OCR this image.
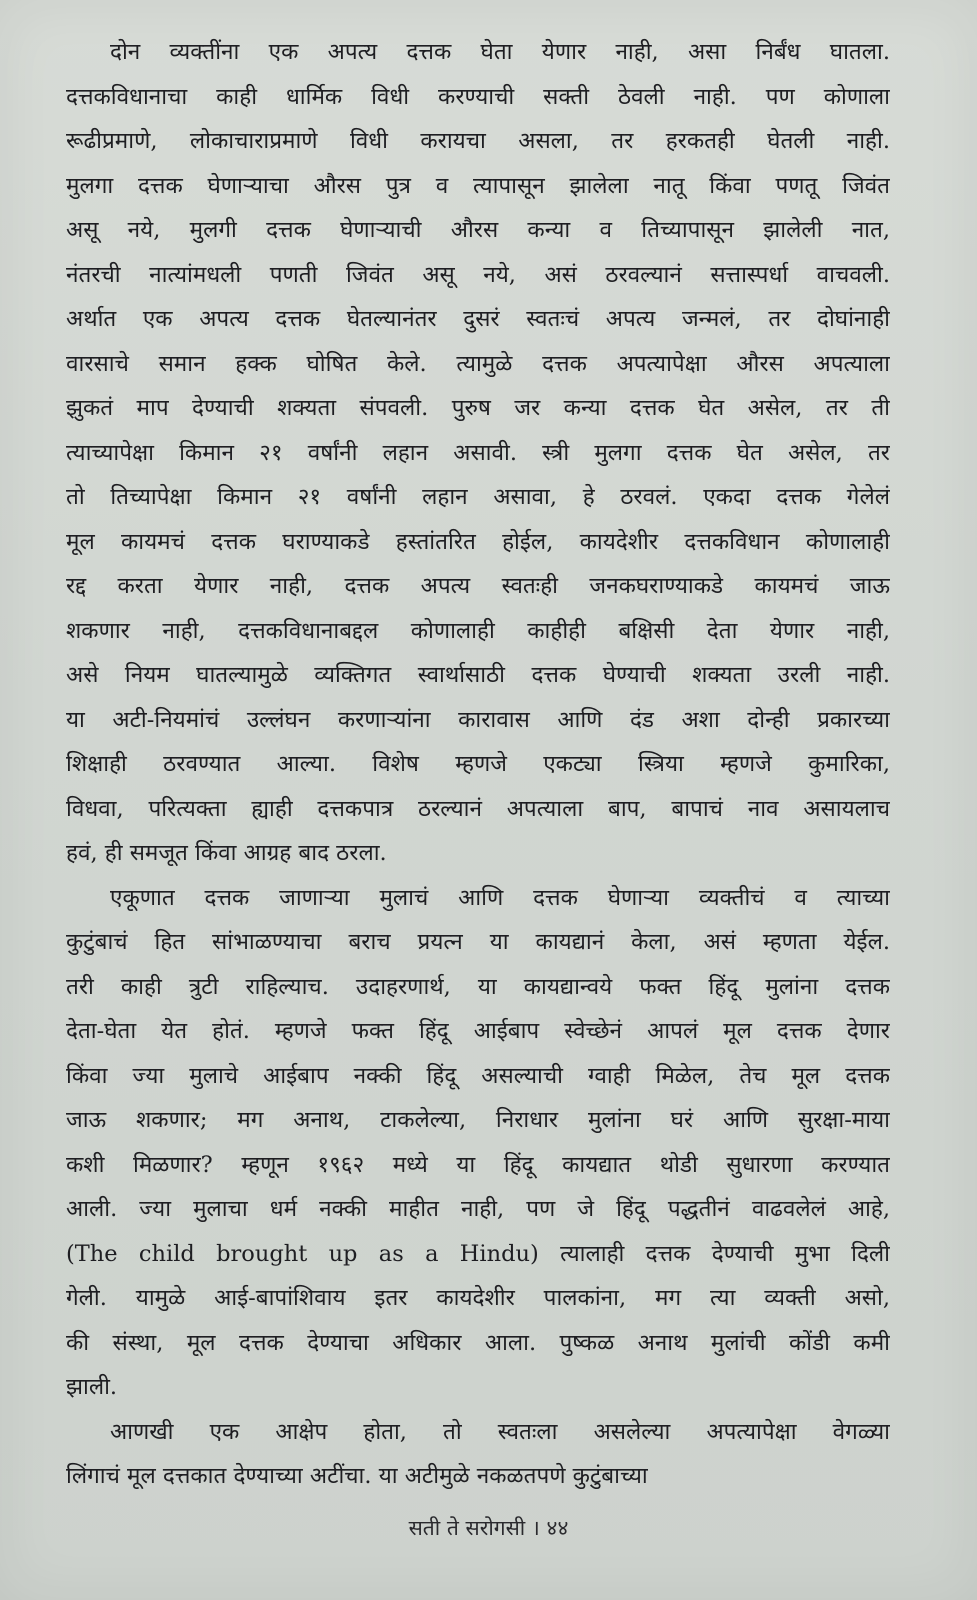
दोन व्यक्तींना एक अपत्य दत्तक घेता येणार नाही, असा निर्बंध घातला.
दत्तकविधानाचा काही धार्मिक विधी करण्याची सक्ती ठेवली नाही. पण कोणाला
रूढीप्रमाणे, लोकाचाराप्रमाणे विधी करायचा असला, तर हरकतही घेतली नाही.
मुलगा दत्तक घेणाऱ्याचा औरस पुत्र व त्यापासून झालेला नातू किंवा पणतू जिवंत
असू नये, मुलगी दत्तक घेणाऱ्याची औरस कन्या व तिच्यापासून झालेली नात,
नंतरची नात्यांमधली पणती जिवंत असू नये, असं ठरवल्यानं सत्तास्पर्धा वाचवली.
अर्थात एक अपत्य दत्तक घेतल्यानंतर दुसरं स्वतःचं अपत्य जन्मलं, तर दोघांनाही
वारसाचे समान हक्क घोषित केले. त्यामुळे दत्तक अपत्यापेक्षा औरस अपत्याला
झुकतं माप देण्याची शक्यता संपवली. पुरुष जर कन्या दत्तक घेत असेल, तर ती
त्याच्यापेक्षा किमान २१ वर्षांनी लहान असावी. स्त्री मुलगा दत्तक घेत असेल, तर
तो तिच्यापेक्षा किमान २१ वर्षांनी लहान असावा, हे ठरवलं. एकदा दत्तक गेलेलं
मूल कायमचं दत्तक घराण्याकडे हस्तांतरित होईल, कायदेशीर दत्तकविधान कोणालाही
रद्द करता येणार नाही, दत्तक अपत्य स्वतःही जनकघराण्याकडे कायमचं जाऊ
शकणार नाही, दत्तकविधानाबद्दल कोणालाही काहीही बक्षिसी देता येणार नाही,
असे नियम घातल्यामुळे व्यक्तिगत स्वार्थासाठी दत्तक घेण्याची शक्यता उरली नाही.
या अटी-नियमांचं उल्लंघन करणाऱ्यांना कारावास आणि दंड अशा दोन्ही प्रकारच्या
शिक्षाही ठरवण्यात आल्या. विशेष म्हणजे एकट्या स्त्रिया म्हणजे कुमारिका,
विधवा, परित्यक्ता ह्याही दत्तकपात्र ठरल्यानं अपत्याला बाप, बापाचं नाव असायलाच
हवं, ही समजूत किंवा आग्रह बाद ठरला.
एकूणात दत्तक जाणाऱ्या मुलाचं आणि दत्तक घेणाऱ्या व्यक्तीचं व त्याच्या
कुटुंबाचं हित सांभाळण्याचा बराच प्रयत्न या कायद्यानं केला, असं म्हणता येईल.
तरी काही त्रुटी राहिल्याच. उदाहरणार्थ, या कायद्यान्वये फक्त हिंदू मुलांना दत्तक
देता-घेता येत होतं. म्हणजे फक्त हिंदू आईबाप स्वेच्छेनं आपलं मूल दत्तक देणार
किंवा ज्या मुलाचे आईबाप नक्की हिंदू असल्याची ग्वाही मिळेल, तेच मूल दत्तक
जाऊ शकणार; मग अनाथ, टाकलेल्या, निराधार मुलांना घरं आणि सुरक्षा-माया
कशी मिळणार? म्हणून १९६२ मध्ये या हिंदू कायद्यात थोडी सुधारणा करण्यात
आली. ज्या मुलाचा धर्म नक्की माहीत नाही, पण जे हिंदू पद्धतीनं वाढवलेलं आहे,
(The child brought up as a Hindu) त्यालाही दत्तक देण्याची मुभा दिली
गेली. यामुळे आई-बापांशिवाय इतर कायदेशीर पालकांना, मग त्या व्यक्ती असो,
की संस्था, मूल दत्तक देण्याचा अधिकार आला. पुष्कळ अनाथ मुलांची कोंडी कमी
झाली.
आणखी एक आक्षेप होता, तो स्वतःला असलेल्या अपत्यापेक्षा वेगळ्या
लिंगाचं मूल दत्तकात देण्याच्या अटींचा. या अटीमुळे नकळतपणे कुटुंबाच्या
सती ते सरोगसी । ४४
